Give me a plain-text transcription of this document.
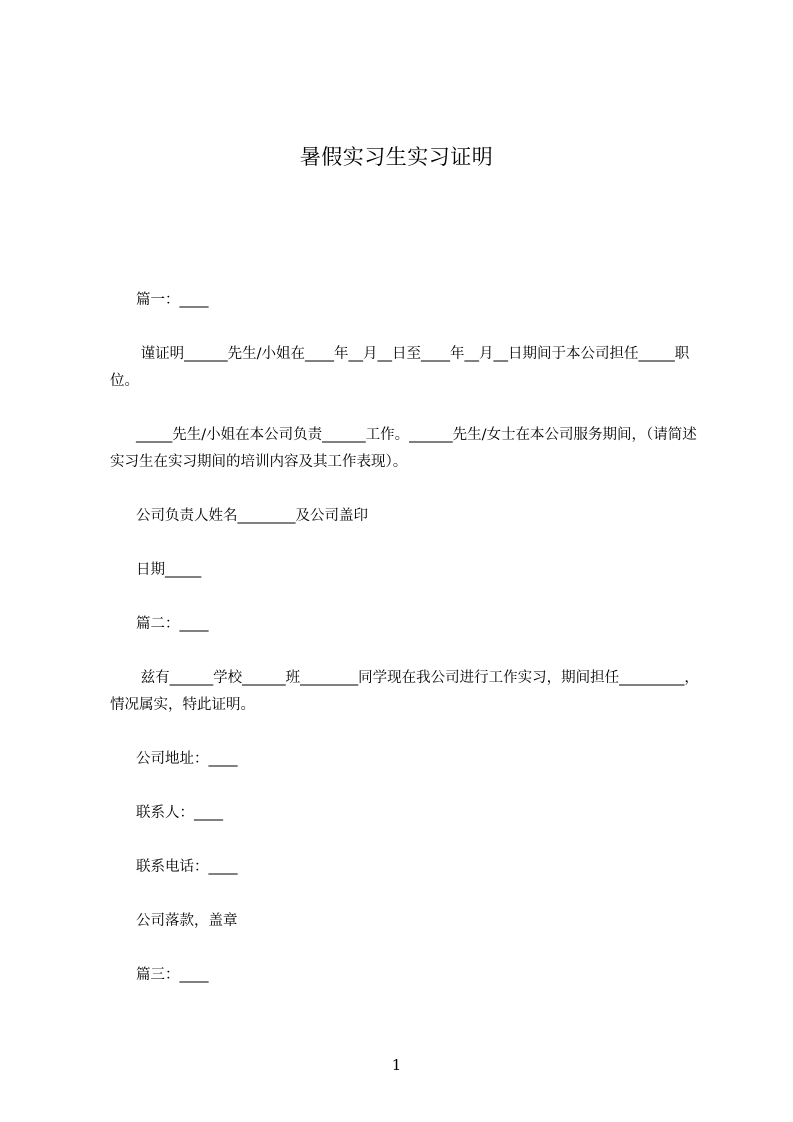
暑假实习生实习证明
篇一：____
谨证明______先生/小姐在____年__月__日至____年__月__日期间于本公司担任_____职位。
_____先生/小姐在本公司负责______工作。______先生/女士在本公司服务期间，（请简述实习生在实习期间的培训内容及其工作表现）。
公司负责人姓名________及公司盖印
日期_____
篇二：____
兹有______学校______班________同学现在我公司进行工作实习，期间担任_________，情况属实，特此证明。
公司地址：____
联系人：____
联系电话：____
公司落款，盖章
篇三：____
1
